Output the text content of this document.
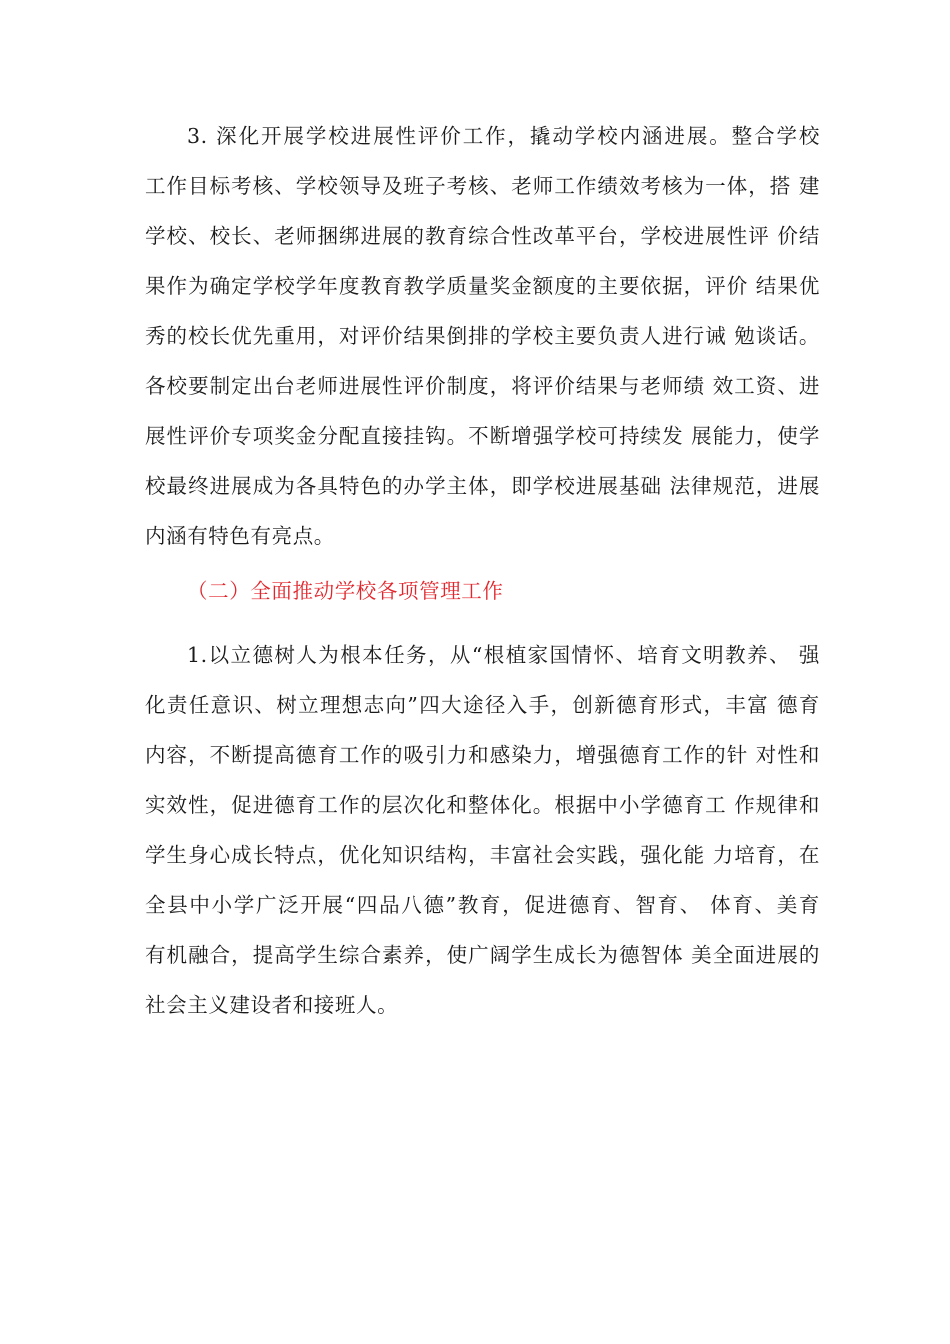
3. 深化开展学校进展性评价工作，撬动学校内涵进展。整合学校
工作目标考核、学校领导及班子考核、老师工作绩效考核为一体，搭 建
学校、校长、老师捆绑进展的教育综合性改革平台，学校进展性评 价结
果作为确定学校学年度教育教学质量奖金额度的主要依据，评价 结果优
秀的校长优先重用，对评价结果倒排的学校主要负责人进行诫 勉谈话。
各校要制定出台老师进展性评价制度，将评价结果与老师绩 效工资、进
展性评价专项奖金分配直接挂钩。不断增强学校可持续发 展能力，使学
校最终进展成为各具特色的办学主体，即学校进展基础 法律规范，进展
内涵有特色有亮点。
（二）全面推动学校各项管理工作
1.以立德树人为根本任务，从“根植家国情怀、培育文明教养、 强
化责任意识、树立理想志向”四大途径入手，创新德育形式，丰富 德育
内容，不断提高德育工作的吸引力和感染力，增强德育工作的针 对性和
实效性，促进德育工作的层次化和整体化。根据中小学德育工 作规律和
学生身心成长特点，优化知识结构，丰富社会实践，强化能 力培育，在
全县中小学广泛开展“四品八德”教育，促进德育、智育、 体育、美育
有机融合，提高学生综合素养，使广阔学生成长为德智体 美全面进展的
社会主义建设者和接班人。
